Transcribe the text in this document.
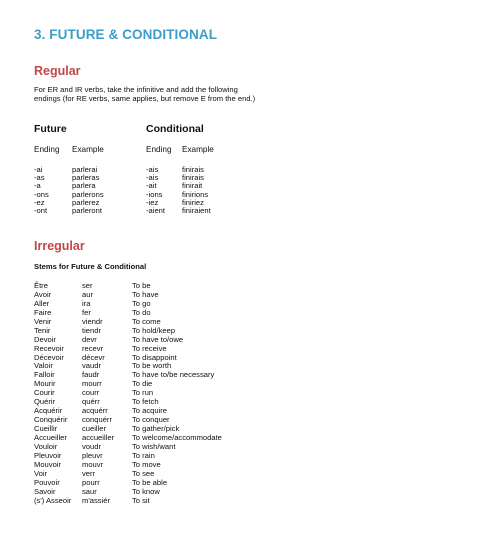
3. FUTURE & CONDITIONAL
Regular
For ER and IR verbs, take the infinitive and add the following endings (for RE verbs, same applies, but remove E from the end.)
Future	Conditional
Ending Example	Ending Example
-ai	parlerai	-ais	finirais
-as	parleras	-ais	finirais
-a	parlera	-ait	finirait
-ons	parlerons	-ions	finirions
-ez	parlerez	-iez	finiriez
-ont	parleront	-aient finiraient
Irregular
Stems for Future & Conditional
Être	ser	To be
Avoir	aur	To have
Aller	ira	To go
Faire	fer	To do
Venir	viendr	To come
Tenir	tiendr	To hold/keep
Devoir	devr	To have to/owe
Recevoir recevr	To receive
Décevoir décevr	To disappoint
Valoir	vaudr	To be worth
Falloir	faudr	To have to/be necessary
Mourir	mourr	To die
Courir	courr	To run
Quérir	quérr	To fetch
Acquérir	acquérr	To acquire
Conquérir conquérr	To conquer
Cueillir	cueiller	To gather/pick
Accueiller accueiller To welcome/accommodate
Vouloir	voudr	To wish/want
Pleuvoir	pleuvr	To rain
Mouvoir	mouvr	To move
Voir	verr	To see
Pouvoir	pourr	To be able
Savoir	saur	To know
(s') Asseoir m'assiér	To sit
